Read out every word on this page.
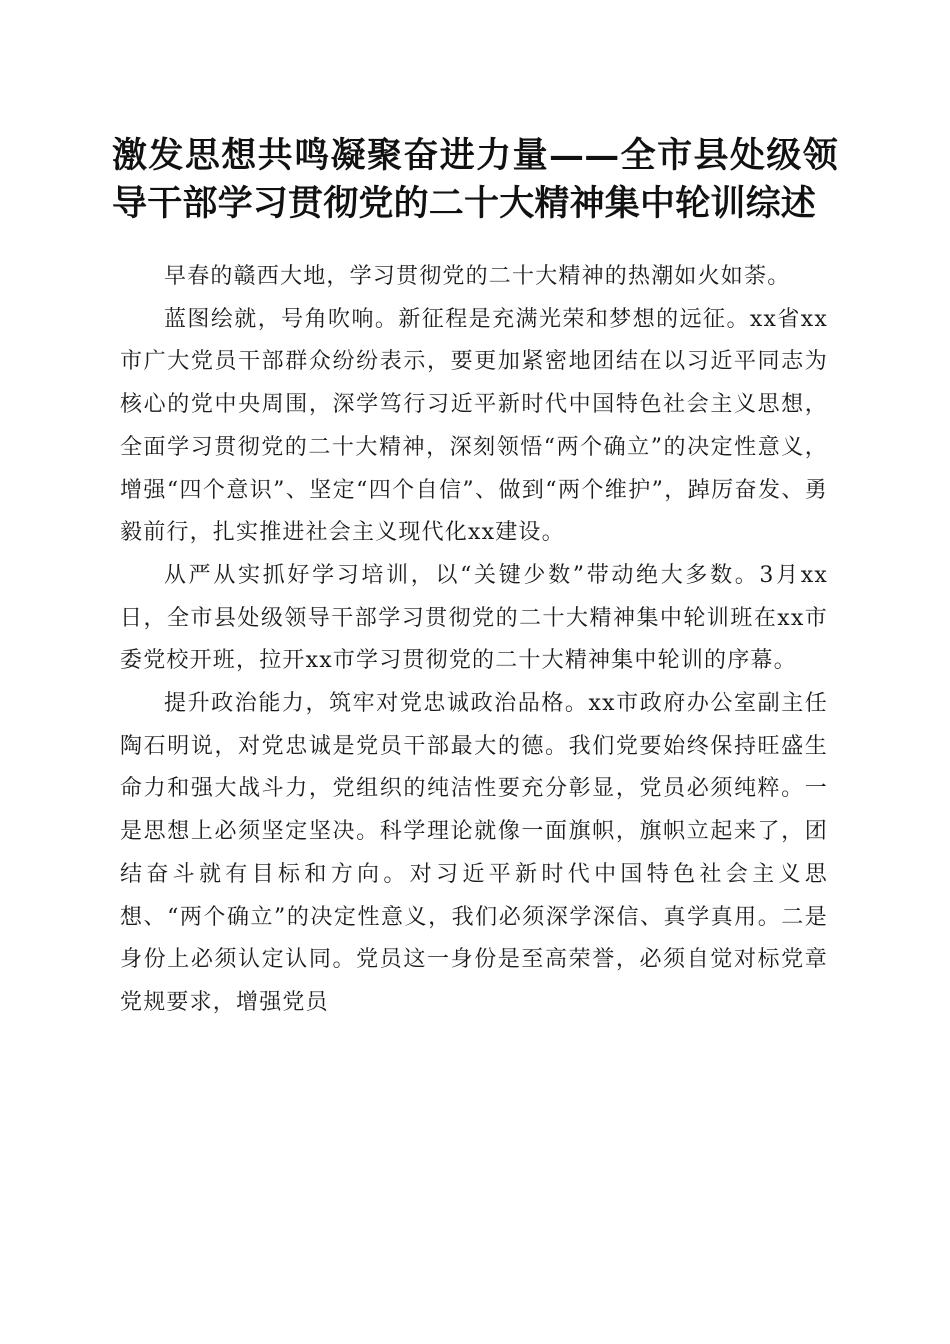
激发思想共鸣凝聚奋进力量——全市县处级领导干部学习贯彻党的二十大精神集中轮训综述

早春的赣西大地，学习贯彻党的二十大精神的热潮如火如荼。

蓝图绘就，号角吹响。新征程是充满光荣和梦想的远征。xx省xx市广大党员干部群众纷纷表示，要更加紧密地团结在以习近平同志为核心的党中央周围，深学笃行习近平新时代中国特色社会主义思想，全面学习贯彻党的二十大精神，深刻领悟“两个确立”的决定性意义，增强“四个意识”、坚定“四个自信”、做到“两个维护”，踔厉奋发、勇毅前行，扎实推进社会主义现代化xx建设。

从严从实抓好学习培训，以“关键少数”带动绝大多数。3月xx日，全市县处级领导干部学习贯彻党的二十大精神集中轮训班在xx市委党校开班，拉开xx市学习贯彻党的二十大精神集中轮训的序幕。

提升政治能力，筑牢对党忠诚政治品格。xx市政府办公室副主任陶石明说，对党忠诚是党员干部最大的德。我们党要始终保持旺盛生命力和强大战斗力，党组织的纯洁性要充分彰显，党员必须纯粹。一是思想上必须坚定坚决。科学理论就像一面旗帜，旗帜立起来了，团结奋斗就有目标和方向。对习近平新时代中国特色社会主义思想、“两个确立”的决定性意义，我们必须深学深信、真学真用。二是身份上必须认定认同。党员这一身份是至高荣誉，必须自觉对标党章党规要求，增强党员
